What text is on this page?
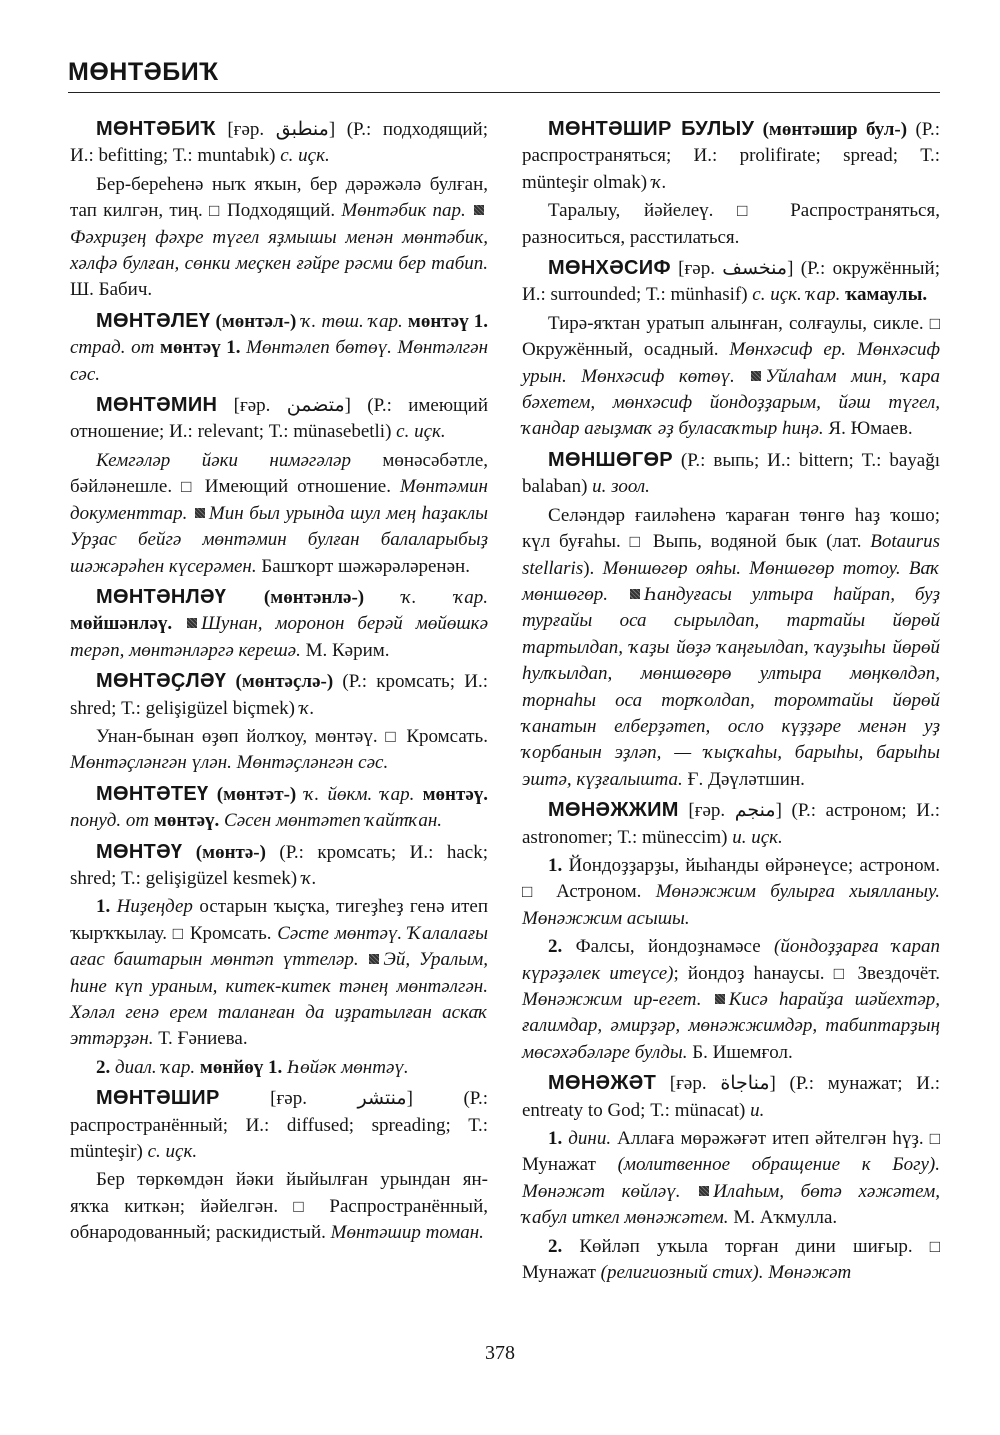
МӨНТӘБИҠ

МӨНТӘБИҠ [ғәр. منطبق] (Р.: подходящий; И.: befitting; Т.: muntabık) с. иçк.

Бер-береһенә ныҡ яҡын, бер дәрәжәлә булған, тап килгән, тиң. □ Подходящий. Мөнтәбик пар. Фәхриҙең фәхре түгел яҙмышы менән мөнтәбик, хәлфә булған, сөнки меҫкен ғәйре рәсми бер табип. Ш. Бабич.

МӨНТӘЛЕҮ (мөнтәл-) ҡ. төш. ҡар. мөнтәү 1. страд. от мөнтәү 1. Мөнтәлеп бөтөү. Мөнтәлгән сәс.

МӨНТӘМИН [ғәр. متضمن] (Р.: имеющий отношение; И.: relevant; Т.: münasebetli) с. иçк.

Кемгәләр йәки нимәгәләр мөнәсәбәтле, бәйләнешле. □ Имеющий отношение. Мөнтәмин документтар. Мин был урында шул мең һаҙаклы Урҙас бейгә мөнтәмин булған балаларыбыҙ шәжәрәһен күсерәмен. Башҡорт шәжәрәләренән.

МӨНТӘНЛӘҮ (мөнтәнлә-) ҡ. ҡар. мөйшәнләү. Шунан, моронон берәй мөйөшкә терәп, мөнтәнләргә керешә. М. Кәрим.

МӨНТӘҪЛӘҮ (мөнтәҫлә-) (Р.: кромсать; И.: shred; Т.: gelişigüzel biçmek) ҡ.

Унан-бынан өҙөп йолҡоу, мөнтәү. □ Кромсать. Мөнтәҫләнгән үлән. Мөнтәҫләнгән сәс.

МӨНТӘТЕҮ (мөнтәт-) ҡ. йөкм. ҡар. мөнтәү. понуд. от мөнтәү. Сәсен мөнтәтеп ҡайтҡан.

МӨНТӘҮ (мөнтә-) (Р.: кромсать; И.: hack; shred; Т.: gelişigüzel kesmek) ҡ.

1. Ниҙеңдер остарын ҡыҫҡа, тигеҙһеҙ генә итеп ҡырҡҡылау. □ Кромсать. Сәсте мөнтәү. Ҡалалағы ағас баштарын мөнтәп үттеләр. Эй, Уралым, һине күп ураным, китек-китек тәнең мөнтәлгән. Хәләл генә ерем таланған да иҙратылған аскаҡ эттәрҙән. Т. Ғәниева.

2. диал. ҡар. мөнйөү 1. Һөйәк мөнтәү.

МӨНТӘШИР [ғәр. منتشر] (Р.: распространённый; И.: diffused; spreading; Т.: münteşir) с. иçк.

Бер төркөмдән йәки йыйылған урындан ян-яҡҡа киткән; йәйелгән. □ Распространённый, обнародованный; раскидистый. Мөнтәшир томан.

МӨНТӘШИР БУЛЫУ (мөнтәшир бул-) (Р.: распространяться; И.: prolifirate; spread; Т.: münteşir olmak) ҡ.

Таралыу, йәйелеү. □ Распространяться, разноситься, расстилаться.

МӨНХӘСИФ [ғәр. منخسف] (Р.: окружённый; И.: surrounded; Т.: münhasif) с. иçк. ҡар. ҡамаулы.

Тирә-яҡтан уратып алынған, солғаулы, сикле. □ Окружённый, осадный. Мөнхәсиф ер. Мөнхәсиф урын. Мөнхәсиф көтөү. Уйлаһам мин, ҡара бәхетем, мөнхәсиф йондоҙҙарым, йәш түгел, ҡандар ағыҙмаҡ әҙ буласаҡтыр һиңә. Я. Юмаев.

МӨНШӨГӨР (Р.: выпь; И.: bittern; Т.: bayağı balaban) и. зоол.

Селәндәр ғаиләһенә ҡараған төнгө һаҙ ҡошо; күл буғаһы. □ Выпь, водяной бык (лат. Botaurus stellaris). Мөншөгөр ояһы. Мөншөгөр тотоу. Ваҡ мөншөгөр. Һандуғасы ултыра һайрап, буҙ турғайы оса сырылдап, тартайы йөрөй тартылдап, ҡаҙы йөҙә ҡаңғылдап, ҡауҙыһы йөрөй һулҡылдап, мөншөгөрө ултыра мөңкөлдәп, торнаһы оса торҡолдап, торомтайы йөрөй ҡанатын елберҙәтеп, осло күҙҙәре менән уҙ ҡорбанын эҙләп, — ҡыҫҡаһы, барыһы, барыһы эштә, күҙғалышта. Ғ. Дәүләтшин.

МӨНӘЖЖИМ [ғәр. منجم] (Р.: астроном; И.: astronomer; Т.: müneccim) и. иçк.

1. Йондоҙҙарҙы, йыһанды өйрәнеүсе; астроном. □ Астроном. Мөнәжжим булырға хыялланыу. Мөнәжжим асышы.

2. Фалсы, йондоҙнамәсе (йондоҙҙарға ҡарап күрәҙәлек итеүсе); йондоҙ һанаусы. □ Звездочёт. Мөнәжжим ир-егет. Кисә һарайҙа шәйехтәр, ғалимдар, әмирҙәр, мөнәжжимдәр, табиптарҙың мөсәхәбәләре булды. Б. Ишемғол.

МӨНӘЖӘТ [ғәр. مناجاة] (Р.: мунажат; И.: entreaty to God; Т.: münacat) и.

1. дини. Аллаға мөрәжәғәт итеп әйтелгән һүҙ. □ Мунажат (молитвенное обращение к Богу). Мөнәжәт көйләү. Илаһым, бөтә хәжәтем, ҡабул иткел мөнәжәтем. М. Аҡмулла.

2. Көйләп уҡыла торған дини шиғыр. □ Мунажат (религиозный стих). Мөнәжәт

378
